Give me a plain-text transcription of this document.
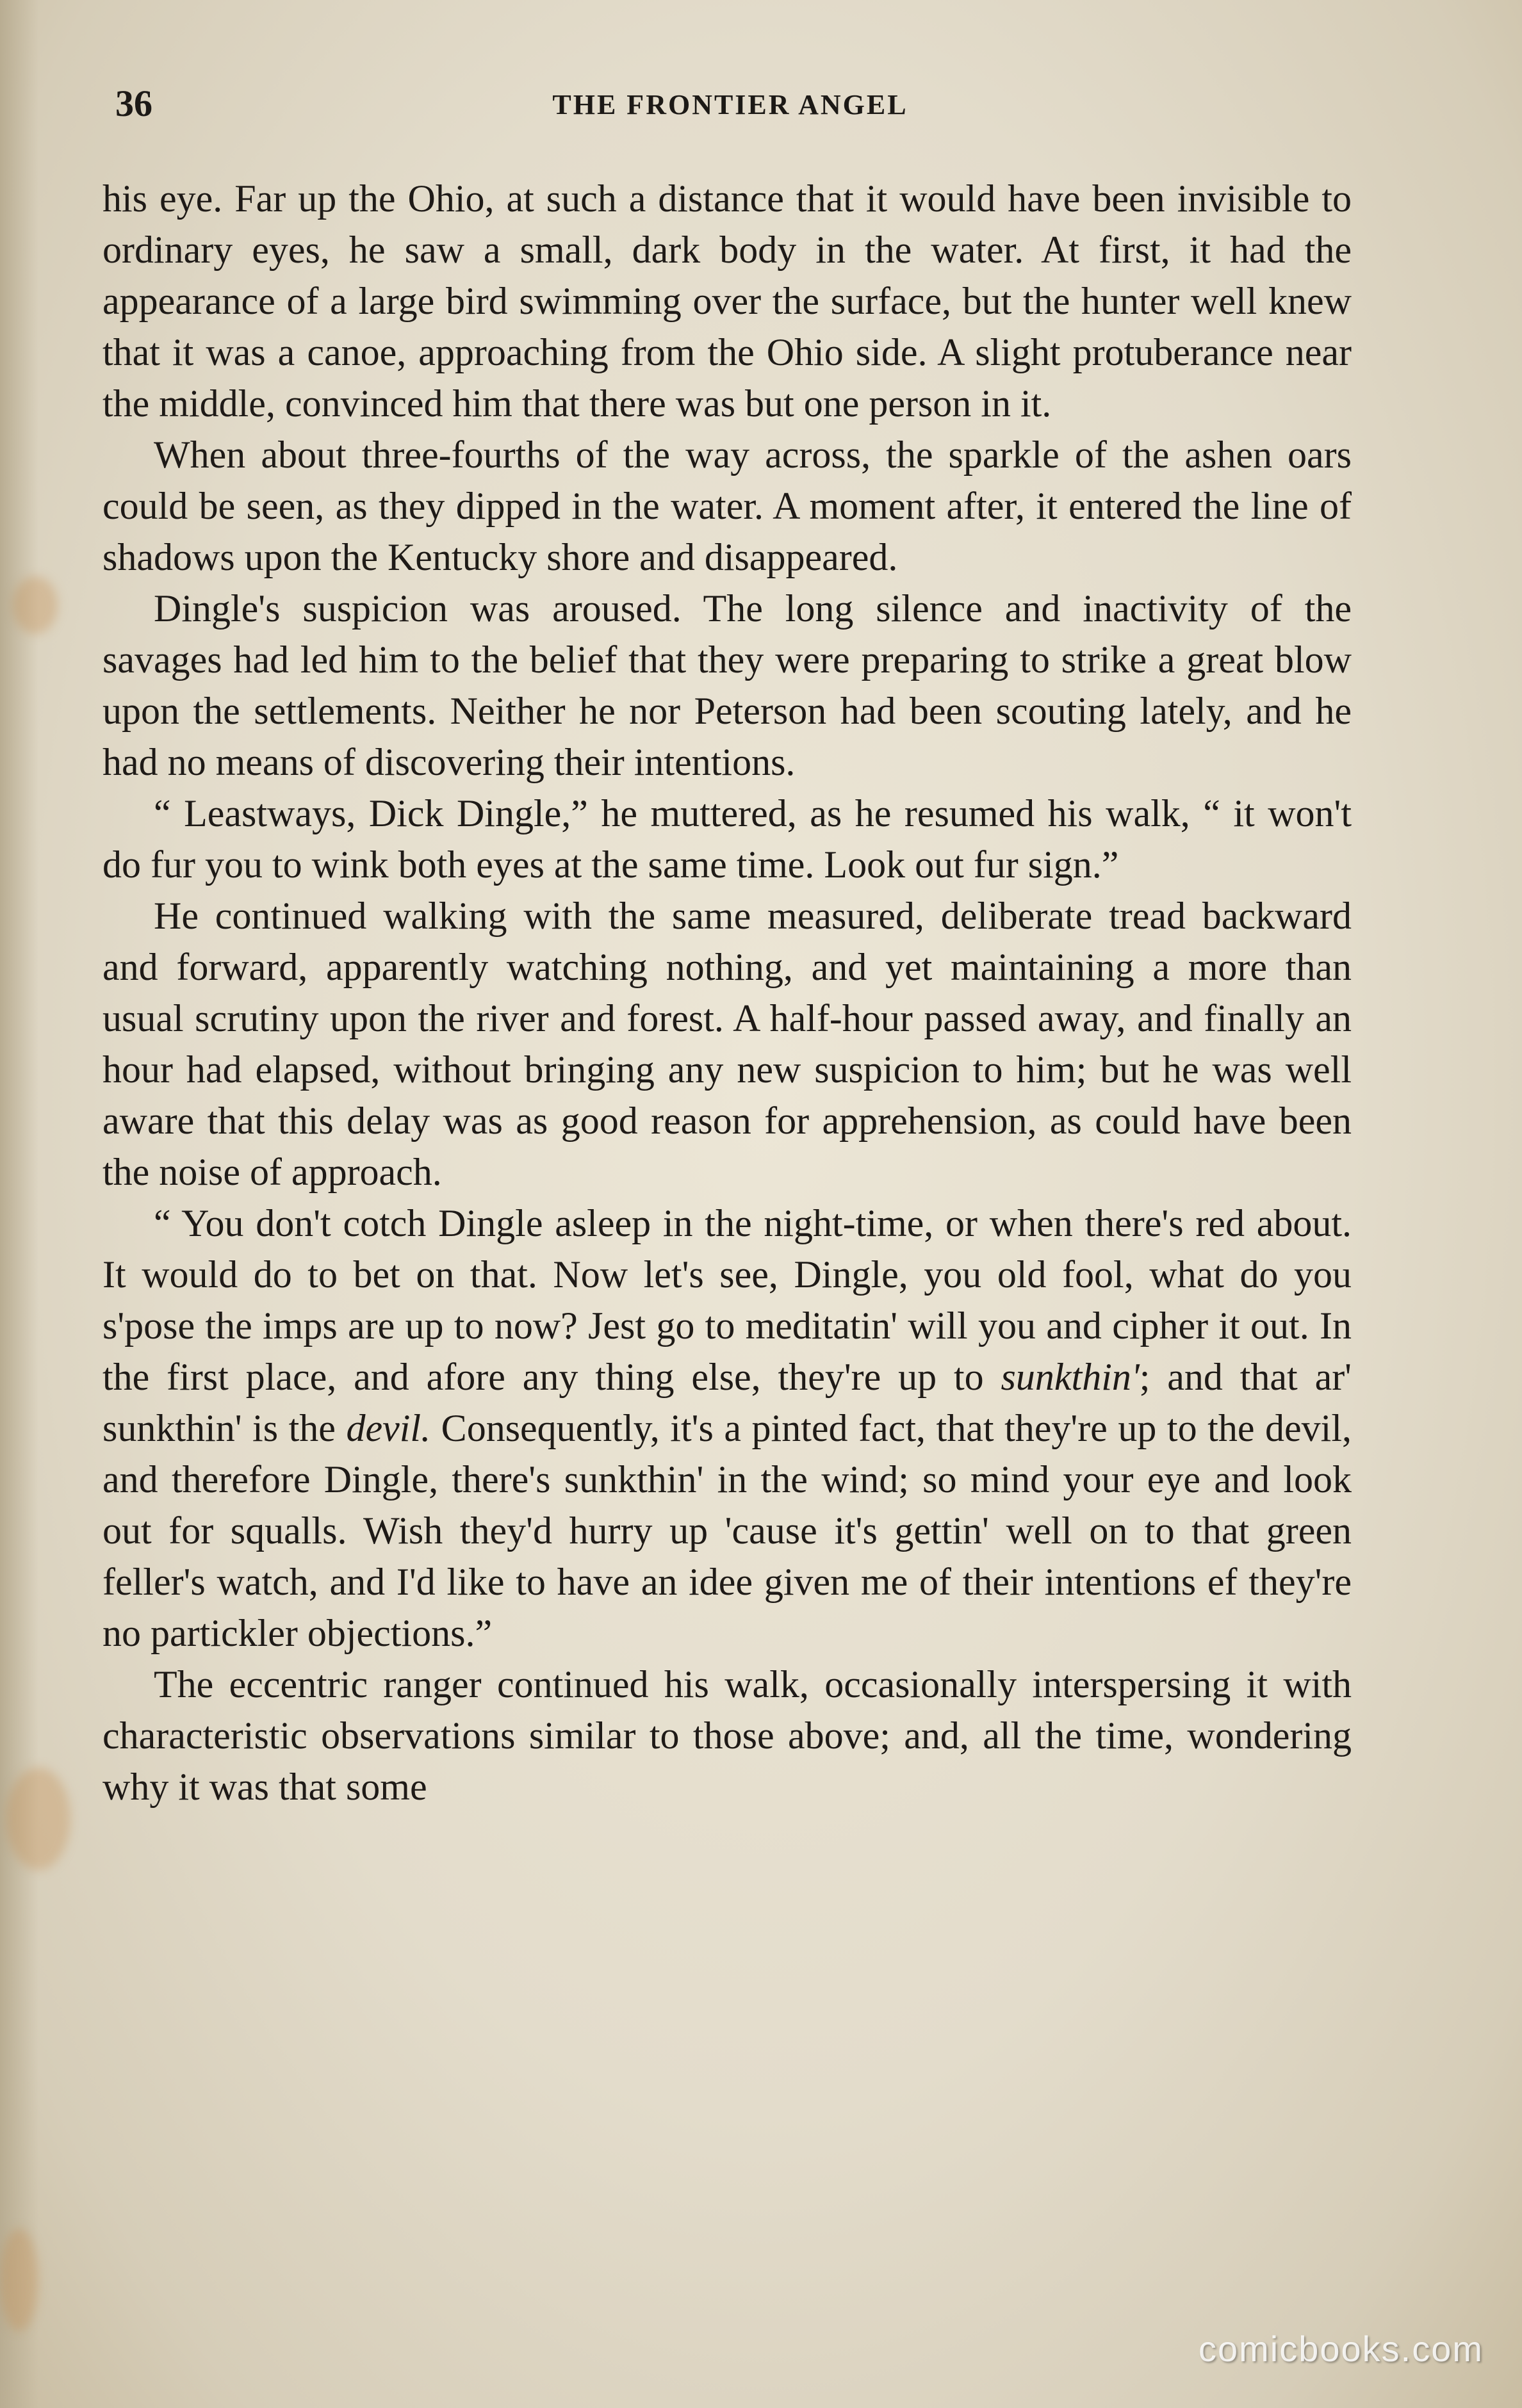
36	THE FRONTIER ANGEL

his eye. Far up the Ohio, at such a distance that it would have been invisible to ordinary eyes, he saw a small, dark body in the water. At first, it had the appearance of a large bird swimming over the surface, but the hunter well knew that it was a canoe, approaching from the Ohio side. A slight protuberance near the middle, convinced him that there was but one person in it.

When about three-fourths of the way across, the sparkle of the ashen oars could be seen, as they dipped in the water. A moment after, it entered the line of shadows upon the Kentucky shore and disappeared.

Dingle's suspicion was aroused. The long silence and inactivity of the savages had led him to the belief that they were preparing to strike a great blow upon the settlements. Neither he nor Peterson had been scouting lately, and he had no means of discovering their intentions.

“ Leastways, Dick Dingle,” he muttered, as he resumed his walk, “ it won't do fur you to wink both eyes at the same time. Look out fur sign.”

He continued walking with the same measured, deliberate tread backward and forward, apparently watching nothing, and yet maintaining a more than usual scrutiny upon the river and forest. A half-hour passed away, and finally an hour had elapsed, without bringing any new suspicion to him; but he was well aware that this delay was as good reason for apprehension, as could have been the noise of approach.

“ You don't cotch Dingle asleep in the night-time, or when there's red about. It would do to bet on that. Now let's see, Dingle, you old fool, what do you s'pose the imps are up to now? Jest go to meditatin' will you and cipher it out. In the first place, and afore any thing else, they're up to sunkthin'; and that ar' sunkthin' is the devil. Consequently, it's a pinted fact, that they're up to the devil, and therefore Dingle, there's sunkthin' in the wind; so mind your eye and look out for squalls. Wish they'd hurry up 'cause it's gettin' well on to that green feller's watch, and I'd like to have an idee given me of their intentions ef they're no partickler objections.”

The eccentric ranger continued his walk, occasionally interspersing it with characteristic observations similar to those above; and, all the time, wondering why it was that some

comicbooks.com
